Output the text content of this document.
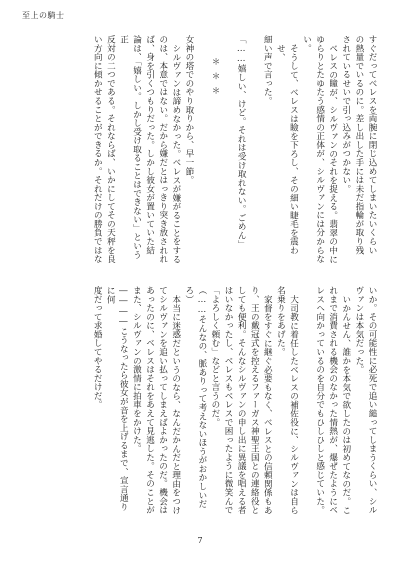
至上の騎士
すぐだってベレスを両腕に閉じ込めてしまいたいくらい
の熱量でいるのに。差し出した手には未だ指輪が取り残
されているせいで引っ込みがつかない。
ベレスの瞳が、シルヴァンのそれを捉える。翡翠の中に
ゆらりとたゆたう感情の正体が、シルヴァンには分からな
い。
そうして、ベレスは瞼を下ろし、その細い睫毛を震わせ、
細い声で言った。
「……嬉しい、けど。それは受け取れない。ごめん」
＊＊＊
女神の塔でのやり取りから、早一節。
シルヴァンは諦めなかった。ベレスが嫌がることをする
のは、本意ではない。だから嫌だとはっきり突き放されれ
ば、身を引くつもりだった。しかし彼女が置いていた結
論は、「嬉しい。しかし受け取ることはできない」という正
反対の二つである。それならば、いかにしてその天秤を良
い方向に傾かせることができるか。それだけの勝負ではな
いか。その可能性に必死で追い縋ってしまうくらい、シル
ヴァンは本気だった。
いかんせん、誰かを本気で欲したのは初めてなのだ。こ
れまで消費される機会のなかった情熱が、爆ぜたようにベ
レスへ向かっているのを自分でもひしひしと感じていた。
大司教に着任したベレスの補佐役に、シルヴァンは自ら
名乗りをあげた。
家督をすぐに継ぐ必要もなく、ベレスとの信頼関係もあ
り、王の戴冠式を控えるファーガス神聖王国との連絡役と
しても便利。そんなシルヴァンの申し出に異議を唱える者
はいなかったし、ベレスもベレスで困ったように微笑んで
「よろしく頼む」などと言うのだ。
（……そんなの、脈ありって考えないほうがおかしいだろ）
本当に迷惑だというのなら、なんだかんだと理由をつけ
てシルヴァンを追い払ってしまえばよかったのだ。機会は
あったのに、ベレスはそれをあえて見逃した。そのことが
また、シルヴァンの激情に拍車をかけた。
――――こうなったら彼女が音を上げるまで、宣言通りに何
度だって求婚してやるだけだ。
7
